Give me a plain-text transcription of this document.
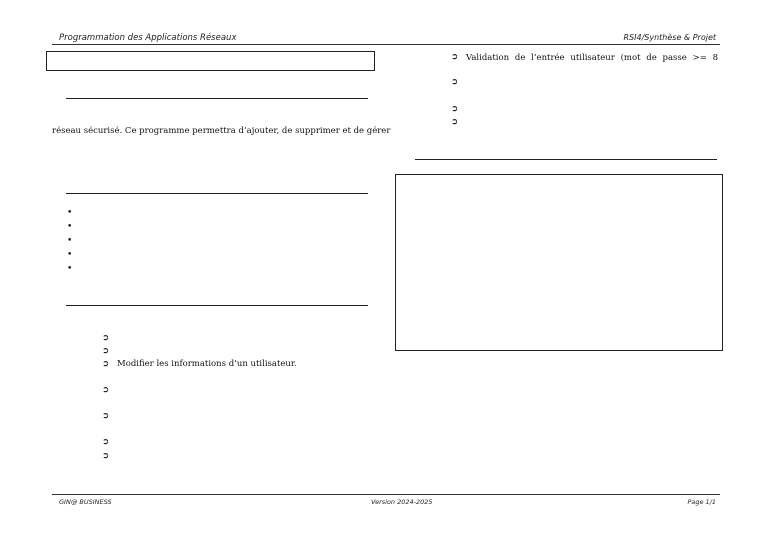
Programmation des Applications Réseaux	RSI4/Synthèse & Projet
réseau sécurisé. Ce programme permettra d’ajouter, de supprimer et de gérer
•
•
•
•
•
➲
➲
➲ Modifier les informations d’un utilisateur.
➲
➲
➲
➲
➲ Validation de l’entrée utilisateur (mot de passe >= 8
➲
➲
➲
GIN@ BUSINESS	Version 2024-2025	Page 1/1
